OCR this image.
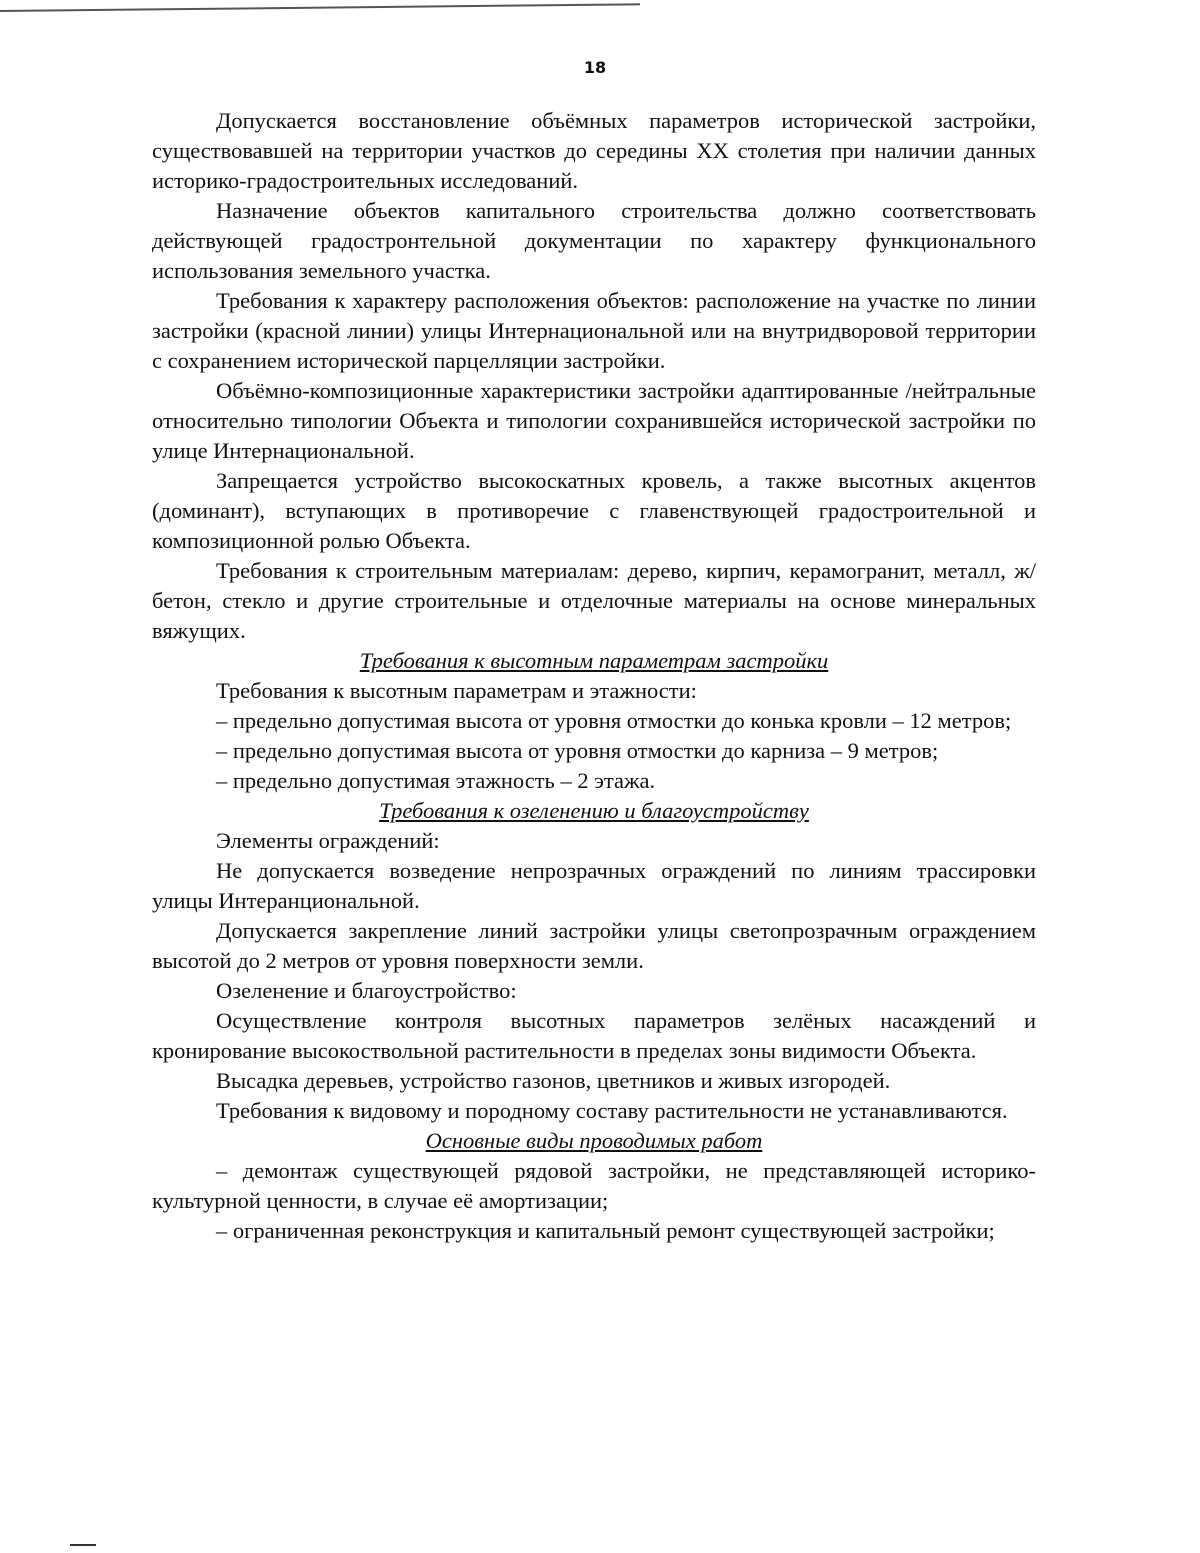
18

Допускается восстановление объёмных параметров исторической застройки, существовавшей на территории участков до середины ХХ столетия при наличии данных историко-градостроительных исследований.

Назначение объектов капитального строительства должно соответствовать действующей градостронтельной документации по характеру функционального использования земельного участка.

Требования к характеру расположения объектов: расположение на участке по линии застройки (красной линии) улицы Интернациональной или на внутридворовой территории с сохранением исторической парцелляции застройки.

Объёмно-композиционные характеристики застройки адаптированные /нейтральные относительно типологии Объекта и типологии сохранившейся исторической застройки по улице Интернациональной.

Запрещается устройство высокоскатных кровель, а также высотных акцентов (доминант), вступающих в противоречие с главенствующей градостроительной и композиционной ролью Объекта.

Требования к строительным материалам: дерево, кирпич, керамогранит, металл, ж/бетон, стекло и другие строительные и отделочные материалы на основе минеральных вяжущих.

Требования к высотным параметрам застройки

Требования к высотным параметрам и этажности:

– предельно допустимая высота от уровня отмостки до конька кровли – 12 метров;

– предельно допустимая высота от уровня отмостки до карниза – 9 метров;

– предельно допустимая этажность – 2 этажа.

Требования к озеленению и благоустройству

Элементы ограждений:

Не допускается возведение непрозрачных ограждений по линиям трассировки улицы Интеранциональной.

Допускается закрепление линий застройки улицы светопрозрачным ограждением высотой до 2 метров от уровня поверхности земли.

Озеленение и благоустройство:

Осуществление контроля высотных параметров зелёных насаждений и кронирование высокоствольной растительности в пределах зоны видимости Объекта.

Высадка деревьев, устройство газонов, цветников и живых изгородей.

Требования к видовому и породному составу растительности не устанавливаются.

Основные виды проводимых работ

– демонтаж существующей рядовой застройки, не представляющей историко-культурной ценности, в случае её амортизации;

– ограниченная реконструкция и капитальный ремонт существующей застройки;
